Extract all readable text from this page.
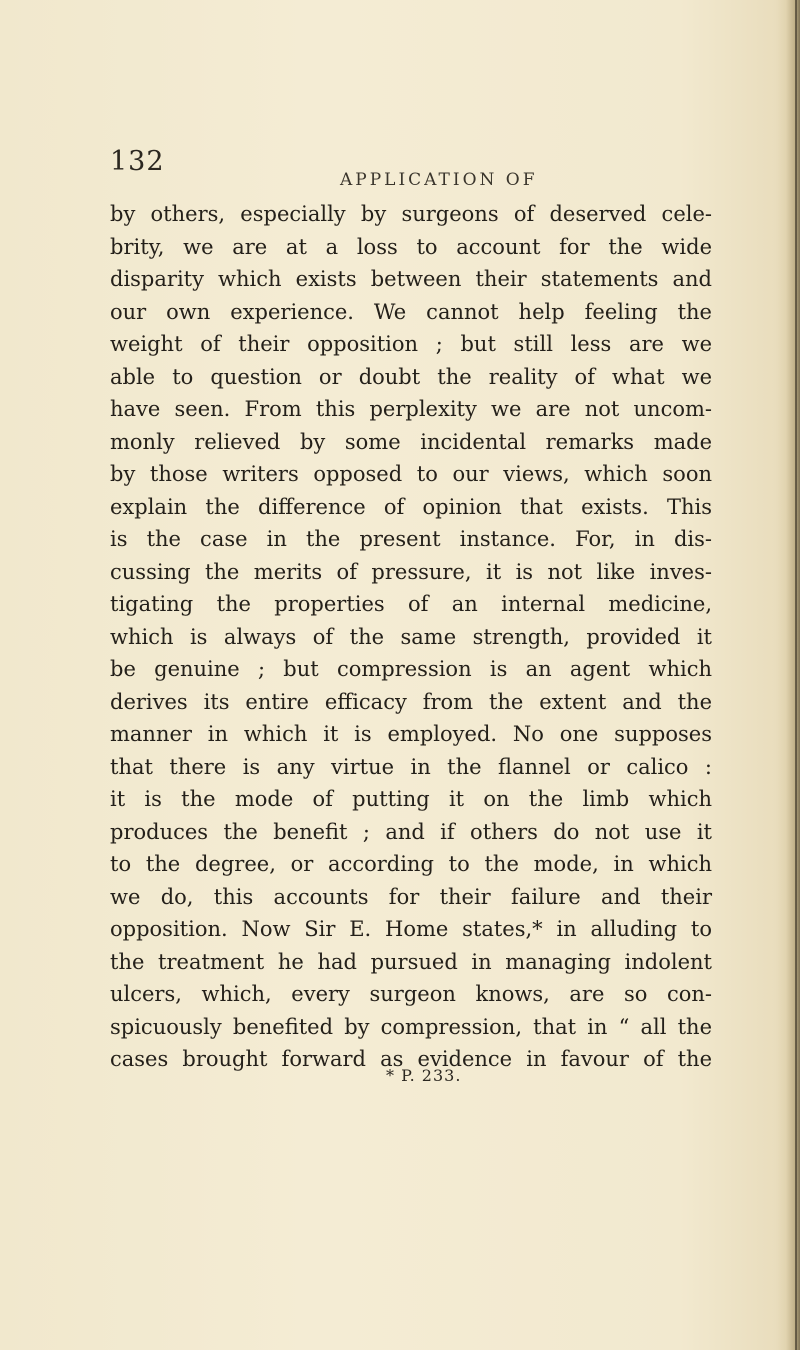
132
APPLICATION OF
by others, especially by surgeons of deserved cele-
brity, we are at a loss to account for the wide
disparity which exists between their statements and
our own experience. We cannot help feeling the
weight of their opposition ; but still less are we
able to question or doubt the reality of what we
have seen. From this perplexity we are not uncom-
monly relieved by some incidental remarks made
by those writers opposed to our views, which soon
explain the difference of opinion that exists. This
is the case in the present instance. For, in dis-
cussing the merits of pressure, it is not like inves-
tigating the properties of an internal medicine,
which is always of the same strength, provided it
be genuine ; but compression is an agent which
derives its entire efficacy from the extent and the
manner in which it is employed. No one supposes
that there is any virtue in the flannel or calico :
it is the mode of putting it on the limb which
produces the benefit ; and if others do not use it
to the degree, or according to the mode, in which
we do, this accounts for their failure and their
opposition. Now Sir E. Home states,* in alluding to
the treatment he had pursued in managing indolent
ulcers, which, every surgeon knows, are so con-
spicuously benefited by compression, that in “ all the
cases brought forward as evidence in favour of the
* P. 233.
